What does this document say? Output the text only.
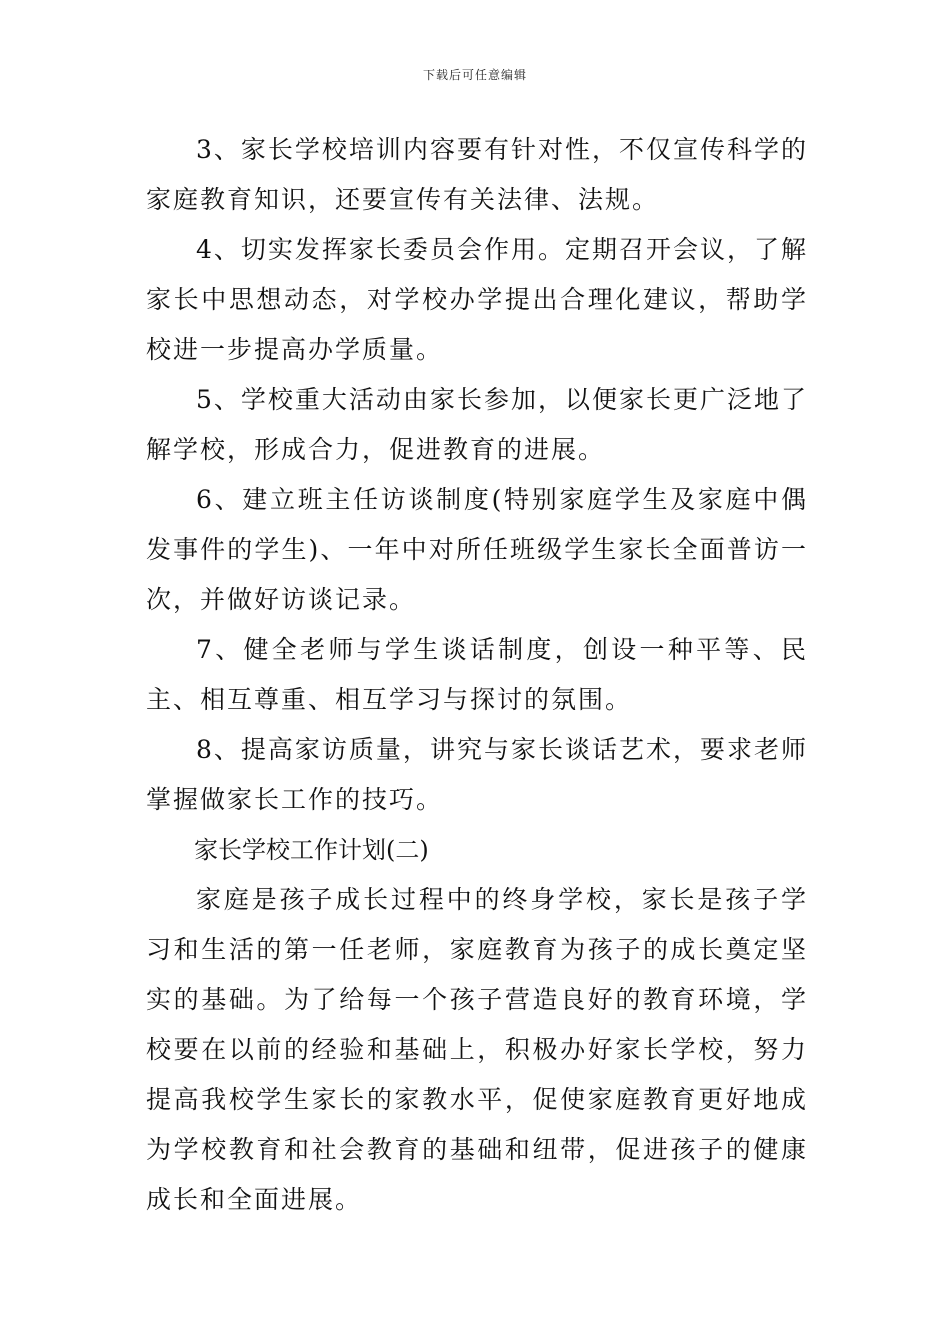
下载后可任意编辑

3、家长学校培训内容要有针对性，不仅宣传科学的家庭教育知识，还要宣传有关法律、法规。

4、切实发挥家长委员会作用。定期召开会议，了解家长中思想动态，对学校办学提出合理化建议，帮助学校进一步提高办学质量。

5、学校重大活动由家长参加，以便家长更广泛地了解学校，形成合力，促进教育的进展。

6、建立班主任访谈制度(特别家庭学生及家庭中偶发事件的学生)、一年中对所任班级学生家长全面普访一次，并做好访谈记录。

7、健全老师与学生谈话制度，创设一种平等、民主、相互尊重、相互学习与探讨的氛围。

8、提高家访质量，讲究与家长谈话艺术，要求老师掌握做家长工作的技巧。

家长学校工作计划(二)

家庭是孩子成长过程中的终身学校，家长是孩子学习和生活的第一任老师，家庭教育为孩子的成长奠定坚实的基础。为了给每一个孩子营造良好的教育环境，学校要在以前的经验和基础上，积极办好家长学校，努力提高我校学生家长的家教水平，促使家庭教育更好地成为学校教育和社会教育的基础和纽带，促进孩子的健康成长和全面进展。
